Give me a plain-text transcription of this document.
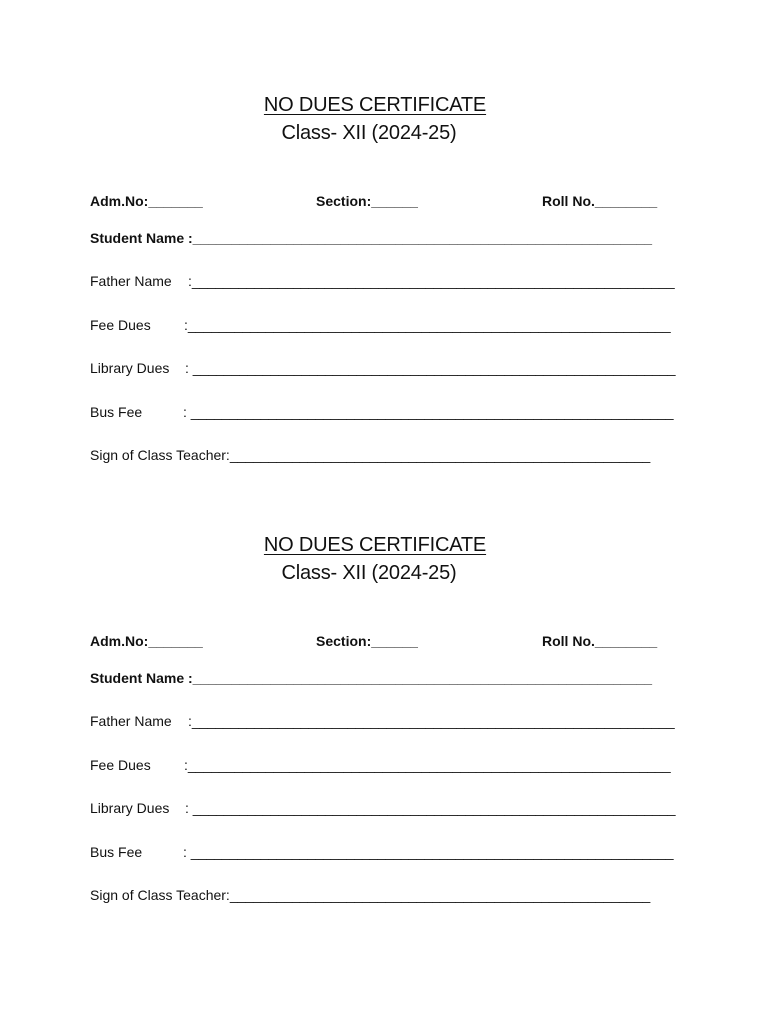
NO DUES CERTIFICATE
Class- XII (2024-25)
Adm.No:_______	Section:______	Roll No.________
Student Name :___________________________________________________________
Father Name :______________________________________________________________
Fee Dues :______________________________________________________________
Library Dues : ______________________________________________________________
Bus Fee	: ______________________________________________________________
Sign of Class Teacher:______________________________________________________
NO DUES CERTIFICATE
Class- XII (2024-25)
Adm.No:_______	Section:______	Roll No.________
Student Name :___________________________________________________________
Father Name :______________________________________________________________
Fee Dues :______________________________________________________________
Library Dues : ______________________________________________________________
Bus Fee	: ______________________________________________________________
Sign of Class Teacher:______________________________________________________
